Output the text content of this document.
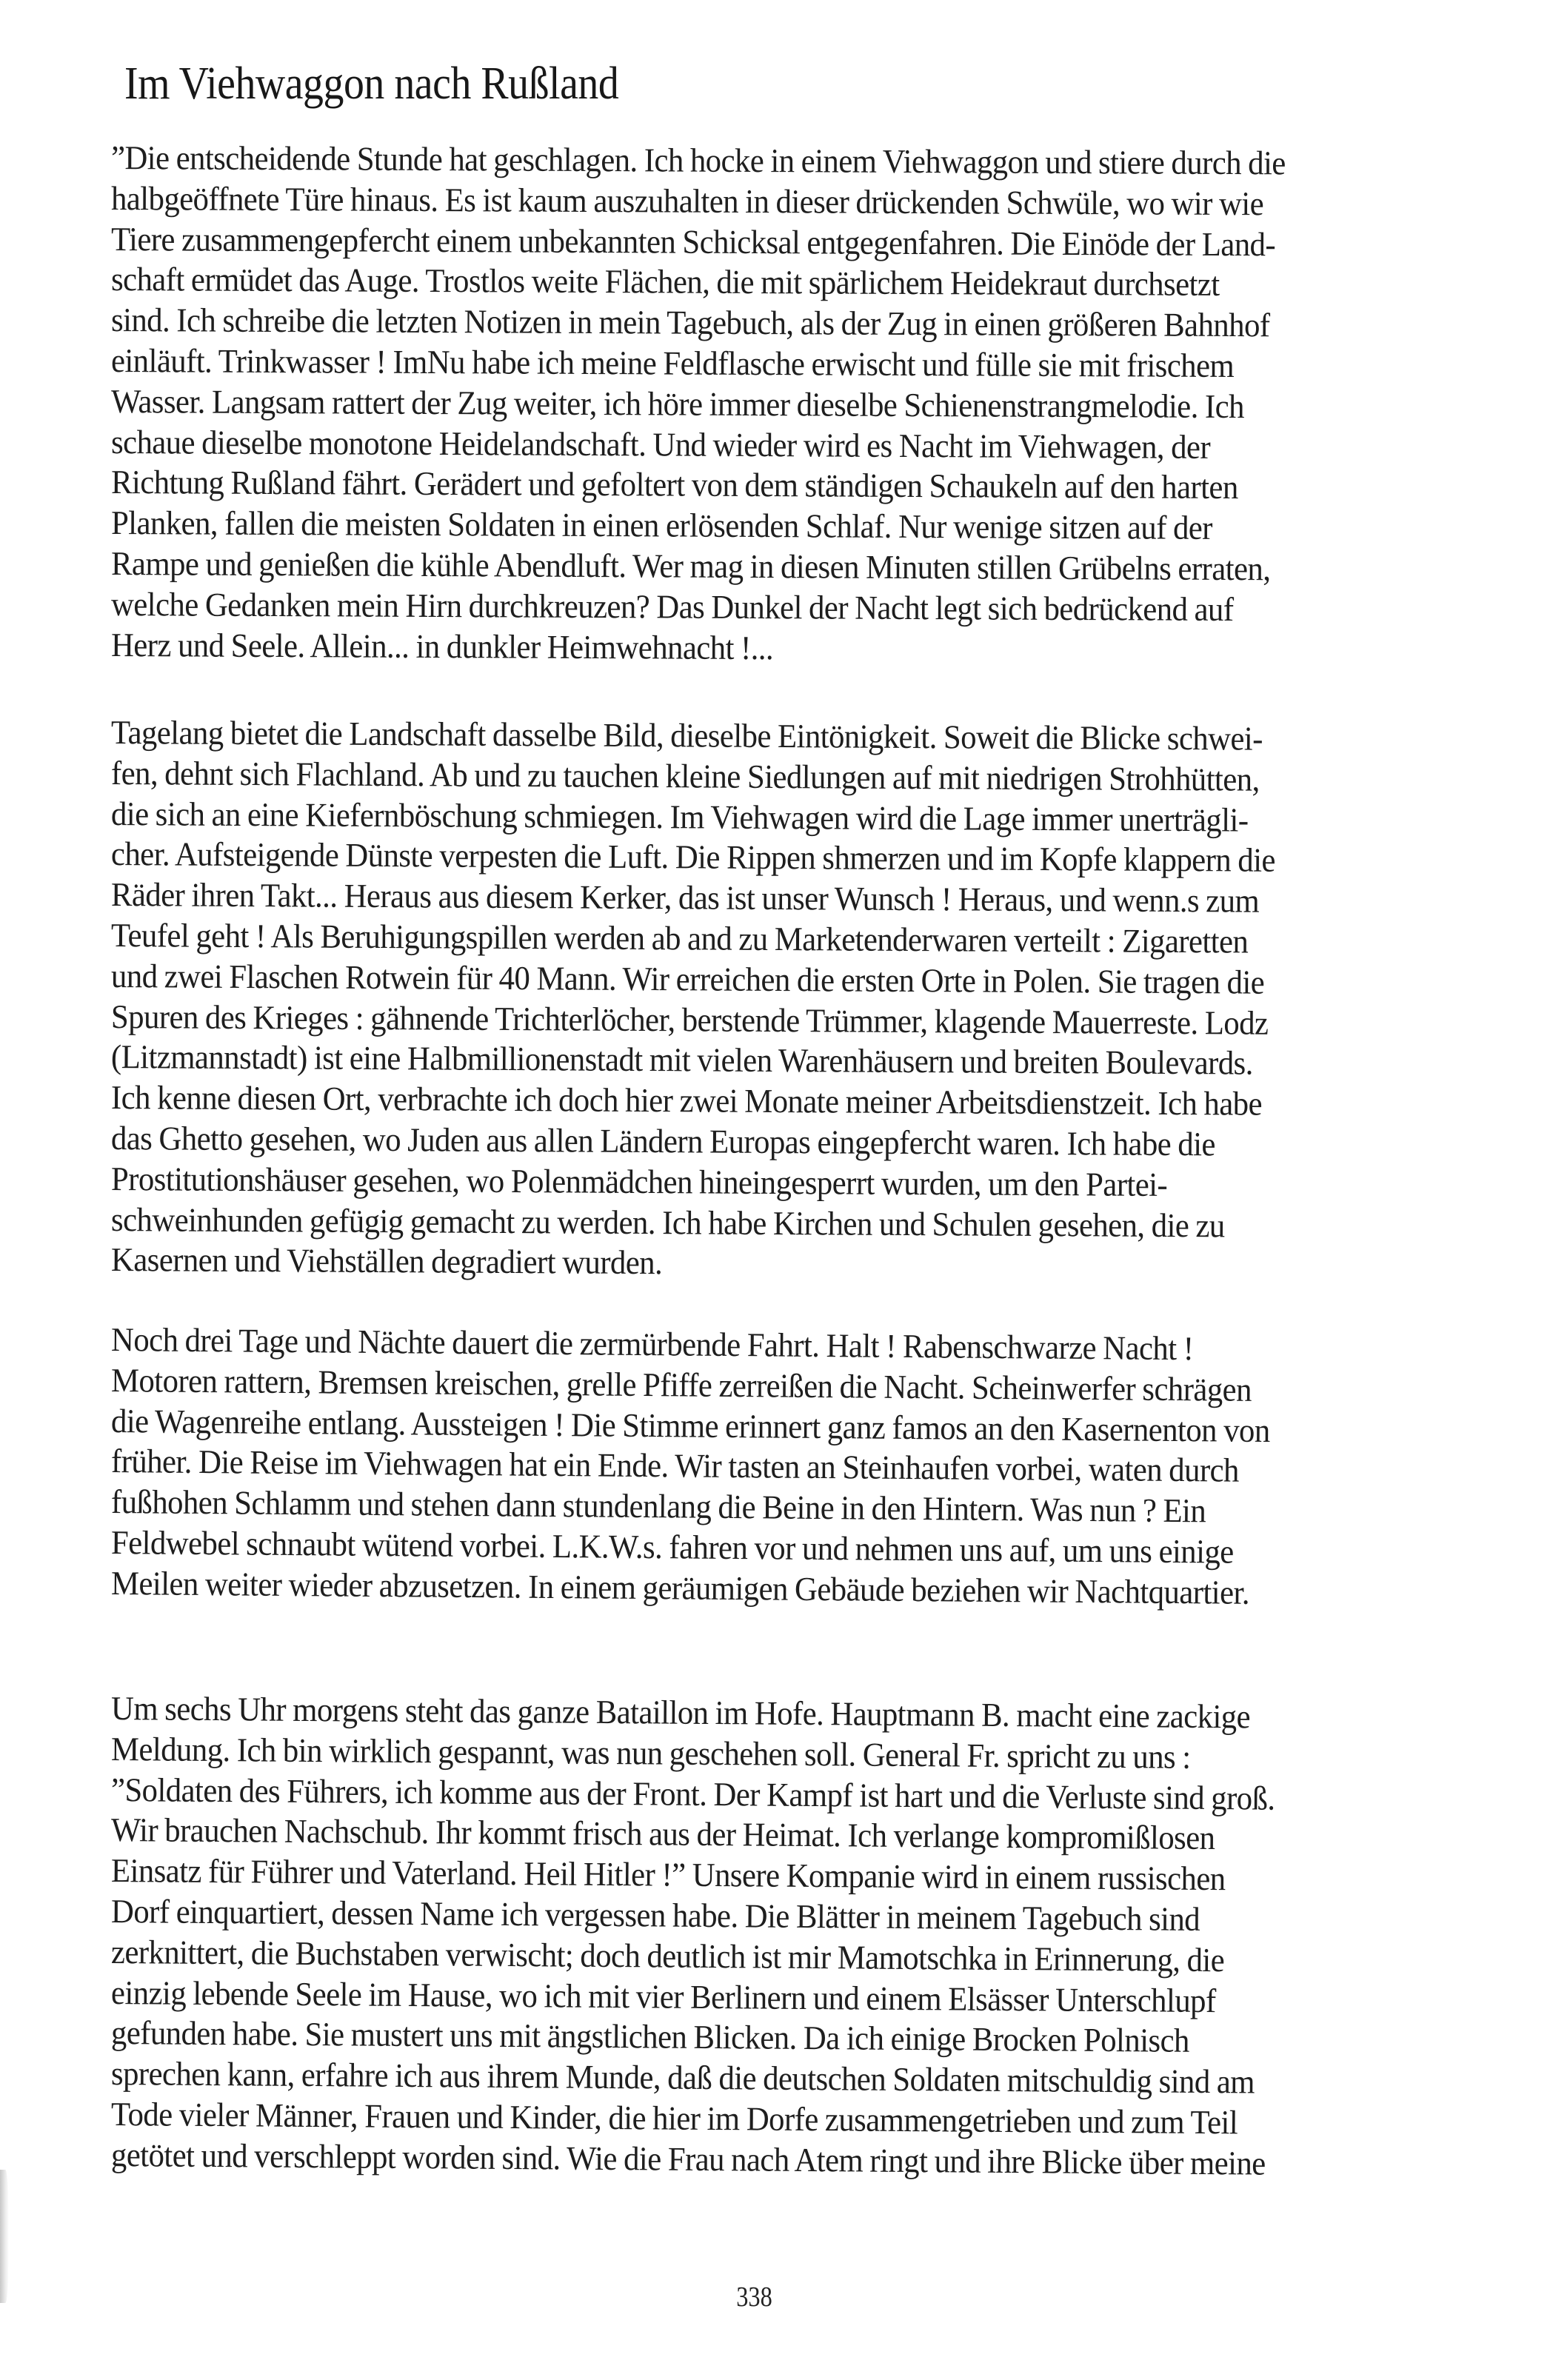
Im Viehwaggon nach Rußland
”Die entscheidende Stunde hat geschlagen. Ich hocke in einem Viehwaggon und stiere durch die
halbgeöffnete Türe hinaus. Es ist kaum auszuhalten in dieser drückenden Schwüle, wo wir wie
Tiere zusammengepfercht einem unbekannten Schicksal entgegenfahren. Die Einöde der Land-
schaft ermüdet das Auge. Trostlos weite Flächen, die mit spärlichem Heidekraut durchsetzt
sind. Ich schreibe die letzten Notizen in mein Tagebuch, als der Zug in einen größeren Bahnhof
einläuft. Trinkwasser ! ImNu habe ich meine Feldflasche erwischt und fülle sie mit frischem
Wasser. Langsam rattert der Zug weiter, ich höre immer dieselbe Schienenstrangmelodie. Ich
schaue dieselbe monotone Heidelandschaft. Und wieder wird es Nacht im Viehwagen, der
Richtung Rußland fährt. Gerädert und gefoltert von dem ständigen Schaukeln auf den harten
Planken, fallen die meisten Soldaten in einen erlösenden Schlaf. Nur wenige sitzen auf der
Rampe und genießen die kühle Abendluft. Wer mag in diesen Minuten stillen Grübelns erraten,
welche Gedanken mein Hirn durchkreuzen? Das Dunkel der Nacht legt sich bedrückend auf
Herz und Seele. Allein... in dunkler Heimwehnacht !...
Tagelang bietet die Landschaft dasselbe Bild, dieselbe Eintönigkeit. Soweit die Blicke schwei-
fen, dehnt sich Flachland. Ab und zu tauchen kleine Siedlungen auf mit niedrigen Strohhütten,
die sich an eine Kiefernböschung schmiegen. Im Viehwagen wird die Lage immer unerträgli-
cher. Aufsteigende Dünste verpesten die Luft. Die Rippen shmerzen und im Kopfe klappern die
Räder ihren Takt... Heraus aus diesem Kerker, das ist unser Wunsch ! Heraus, und wenn.s zum
Teufel geht ! Als Beruhigungspillen werden ab and zu Marketenderwaren verteilt : Zigaretten
und zwei Flaschen Rotwein für 40 Mann. Wir erreichen die ersten Orte in Polen. Sie tragen die
Spuren des Krieges : gähnende Trichterlöcher, berstende Trümmer, klagende Mauerreste. Lodz
(Litzmannstadt) ist eine Halbmillionenstadt mit vielen Warenhäusern und breiten Boulevards.
Ich kenne diesen Ort, verbrachte ich doch hier zwei Monate meiner Arbeitsdienstzeit. Ich habe
das Ghetto gesehen, wo Juden aus allen Ländern Europas eingepfercht waren. Ich habe die
Prostitutionshäuser gesehen, wo Polenmädchen hineingesperrt wurden, um den Partei-
schweinhunden gefügig gemacht zu werden. Ich habe Kirchen und Schulen gesehen, die zu
Kasernen und Viehställen degradiert wurden.
Noch drei Tage und Nächte dauert die zermürbende Fahrt. Halt ! Rabenschwarze Nacht !
Motoren rattern, Bremsen kreischen, grelle Pfiffe zerreißen die Nacht. Scheinwerfer schrägen
die Wagenreihe entlang. Aussteigen ! Die Stimme erinnert ganz famos an den Kasernenton von
früher. Die Reise im Viehwagen hat ein Ende. Wir tasten an Steinhaufen vorbei, waten durch
fußhohen Schlamm und stehen dann stundenlang die Beine in den Hintern. Was nun ? Ein
Feldwebel schnaubt wütend vorbei. L.K.W.s. fahren vor und nehmen uns auf, um uns einige
Meilen weiter wieder abzusetzen. In einem geräumigen Gebäude beziehen wir Nachtquartier.
Um sechs Uhr morgens steht das ganze Bataillon im Hofe. Hauptmann B. macht eine zackige
Meldung. Ich bin wirklich gespannt, was nun geschehen soll. General Fr. spricht zu uns :
”Soldaten des Führers, ich komme aus der Front. Der Kampf ist hart und die Verluste sind groß.
Wir brauchen Nachschub. Ihr kommt frisch aus der Heimat. Ich verlange kompromißlosen
Einsatz für Führer und Vaterland. Heil Hitler !” Unsere Kompanie wird in einem russischen
Dorf einquartiert, dessen Name ich vergessen habe. Die Blätter in meinem Tagebuch sind
zerknittert, die Buchstaben verwischt; doch deutlich ist mir Mamotschka in Erinnerung, die
einzig lebende Seele im Hause, wo ich mit vier Berlinern und einem Elsässer Unterschlupf
gefunden habe. Sie mustert uns mit ängstlichen Blicken. Da ich einige Brocken Polnisch
sprechen kann, erfahre ich aus ihrem Munde, daß die deutschen Soldaten mitschuldig sind am
Tode vieler Männer, Frauen und Kinder, die hier im Dorfe zusammengetrieben und zum Teil
getötet und verschleppt worden sind. Wie die Frau nach Atem ringt und ihre Blicke über meine
338
